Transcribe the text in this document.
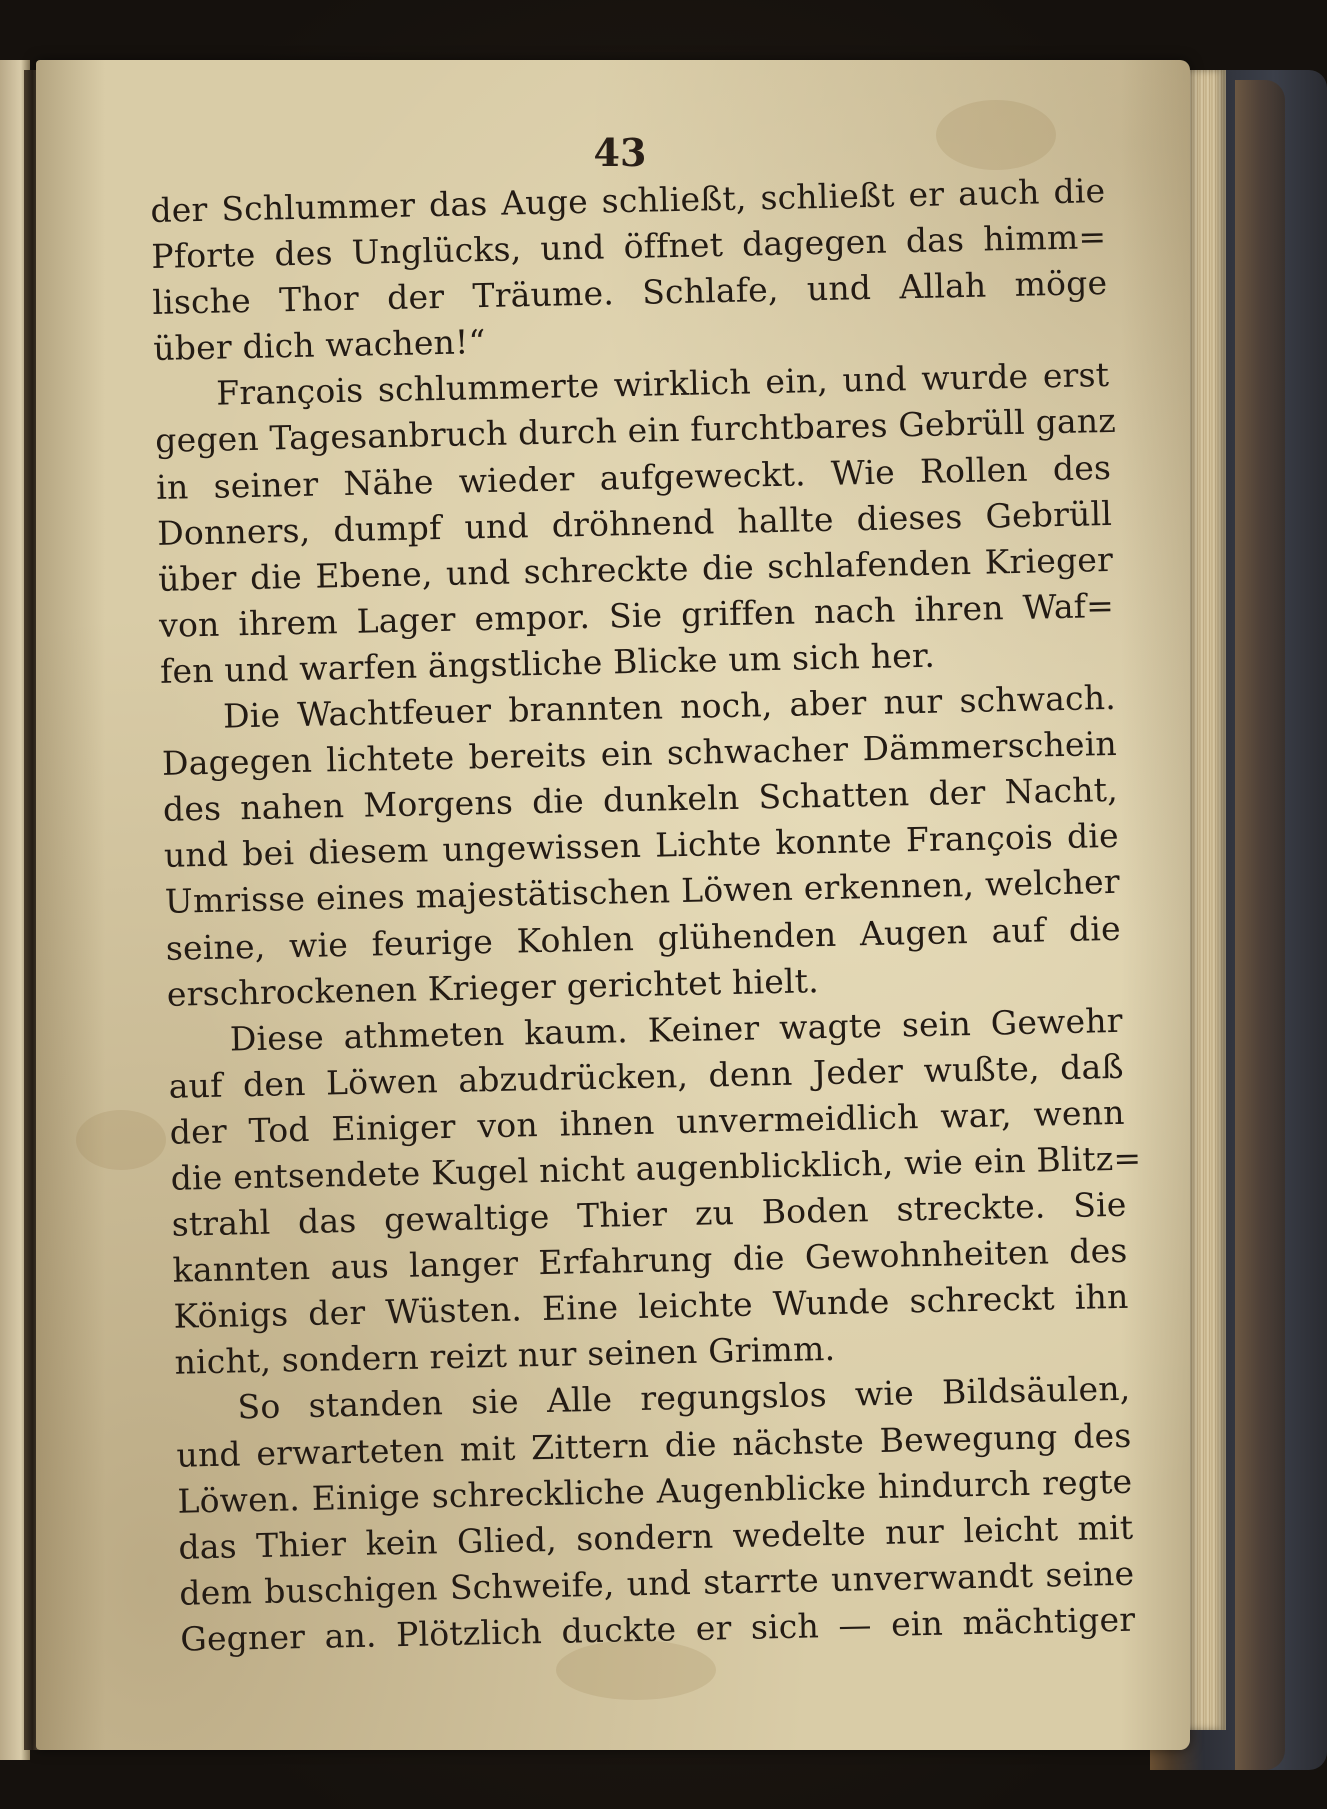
43
der Schlummer das Auge schließt, schließt er auch die
Pforte des Unglücks, und öffnet dagegen das himm=
lische Thor der Träume. Schlafe, und Allah möge
über dich wachen!“
François schlummerte wirklich ein, und wurde erst
gegen Tagesanbruch durch ein furchtbares Gebrüll ganz
in seiner Nähe wieder aufgeweckt. Wie Rollen des
Donners, dumpf und dröhnend hallte dieses Gebrüll
über die Ebene, und schreckte die schlafenden Krieger
von ihrem Lager empor. Sie griffen nach ihren Waf=
fen und warfen ängstliche Blicke um sich her.
Die Wachtfeuer brannten noch, aber nur schwach.
Dagegen lichtete bereits ein schwacher Dämmerschein
des nahen Morgens die dunkeln Schatten der Nacht,
und bei diesem ungewissen Lichte konnte François die
Umrisse eines majestätischen Löwen erkennen, welcher
seine, wie feurige Kohlen glühenden Augen auf die
erschrockenen Krieger gerichtet hielt.
Diese athmeten kaum. Keiner wagte sein Gewehr
auf den Löwen abzudrücken, denn Jeder wußte, daß
der Tod Einiger von ihnen unvermeidlich war, wenn
die entsendete Kugel nicht augenblicklich, wie ein Blitz=
strahl das gewaltige Thier zu Boden streckte. Sie
kannten aus langer Erfahrung die Gewohnheiten des
Königs der Wüsten. Eine leichte Wunde schreckt ihn
nicht, sondern reizt nur seinen Grimm.
So standen sie Alle regungslos wie Bildsäulen,
und erwarteten mit Zittern die nächste Bewegung des
Löwen. Einige schreckliche Augenblicke hindurch regte
das Thier kein Glied, sondern wedelte nur leicht mit
dem buschigen Schweife, und starrte unverwandt seine
Gegner an. Plötzlich duckte er sich — ein mächtiger
